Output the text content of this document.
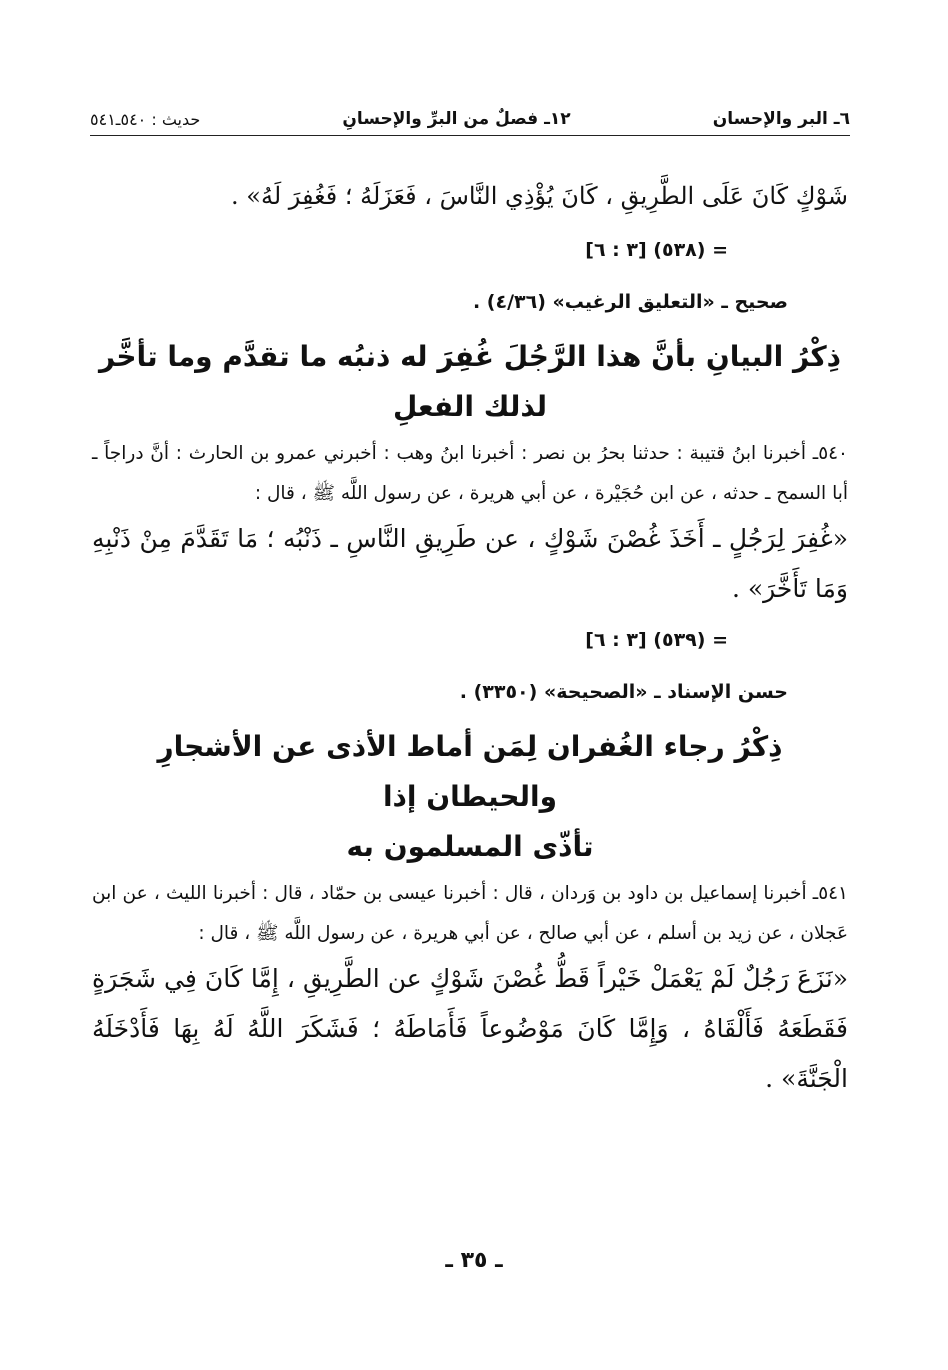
حديث : ٥٤٠ـ٥٤١	١٢ـ فصلٌ من البرِّ والإحسانِ	٦ـ البر والإحسان
شَوْكٍ كَانَ عَلَى الطَّرِيقِ ، كَانَ يُؤْذِي النَّاسَ ، فَعَزَلَهُ ؛ فَغُفِرَ لَهُ» .
= (٥٣٨) [٣ : ٦]
صحيح ـ «التعليق الرغيب» (٤/٣٦) .
ذِكْرُ البيانِ بأنَّ هذا الرَّجُلَ غُفِرَ له ذنبُه ما تقدَّم وما تأخَّر
لذلك الفعلِ
٥٤٠ـ أخبرنا ابنُ قتيبة : حدثنا بحرُ بن نصر : أخبرنا ابنُ وهب : أخبرني عمرو بن الحارث : أنَّ دراجاً ـ أبا السمح ـ حدثه ، عن ابن حُجَيْرة ، عن أبي هريرة ، عن رسول اللَّه ﷺ ، قال :
«غُفِرَ لِرَجُلٍ ـ أَخَذَ غُصْنَ شَوْكٍ ، عن طَرِيقِ النَّاسِ ـ ذَنْبُه ؛ مَا تَقَدَّمَ مِنْ ذَنْبِهِ وَمَا تَأَخَّرَ» .
= (٥٣٩) [٣ : ٦]
حسن الإسناد ـ «الصحيحة» (٣٣٥٠) .
ذِكْرُ رجاء الغُفران لِمَن أماط الأذى عن الأشجارِ والحيطان إذا
تأذّى المسلمون به
٥٤١ـ أخبرنا إسماعيل بن داود بن وَردان ، قال : أخبرنا عيسى بن حمّاد ، قال : أخبرنا الليث ، عن ابن عَجلان ، عن زيد بن أسلم ، عن أبي صالح ، عن أبي هريرة ، عن رسول اللَّه ﷺ ، قال :
«نَزَعَ رَجُلٌ لَمْ يَعْمَلْ خَيْراً قَطُّ غُصْنَ شَوْكٍ عن الطَّرِيقِ ، إِمَّا كَانَ فِي شَجَرَةٍ فَقَطَعَهُ فَأَلْقَاهُ ، وَإِمَّا كَانَ مَوْضُوعاً فَأَمَاطَهُ ؛ فَشَكَرَ اللَّهُ لَهُ بِهَا فَأَدْخَلَهُ الْجَنَّةَ» .
ـ ٣٥ ـ
